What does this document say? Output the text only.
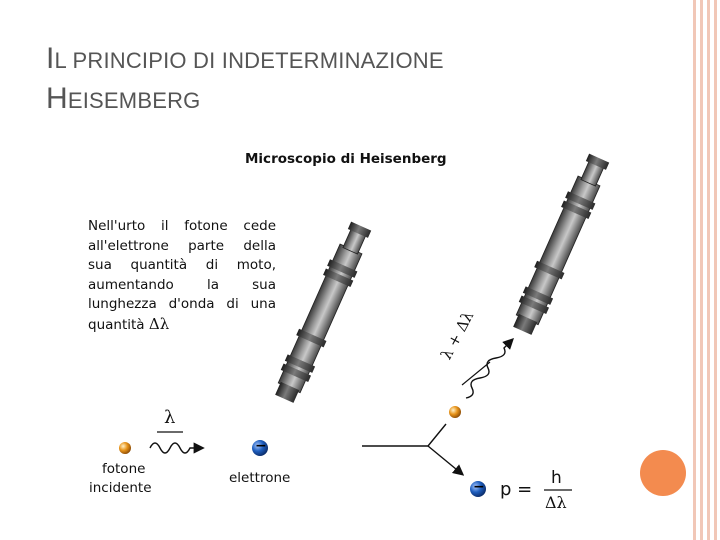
IL PRINCIPIO DI INDETERMINAZIONE
HEISEMBERG
Microscopio di Heisenberg
Nell'urto il fotone cede
all'elettrone parte della
sua quantità di moto,
aumentando la sua
lunghezza d'onda di una
quantità Δλ
λ
fotone
incidente
elettrone
−
−
λ + Δλ
p =
h
Δλ
